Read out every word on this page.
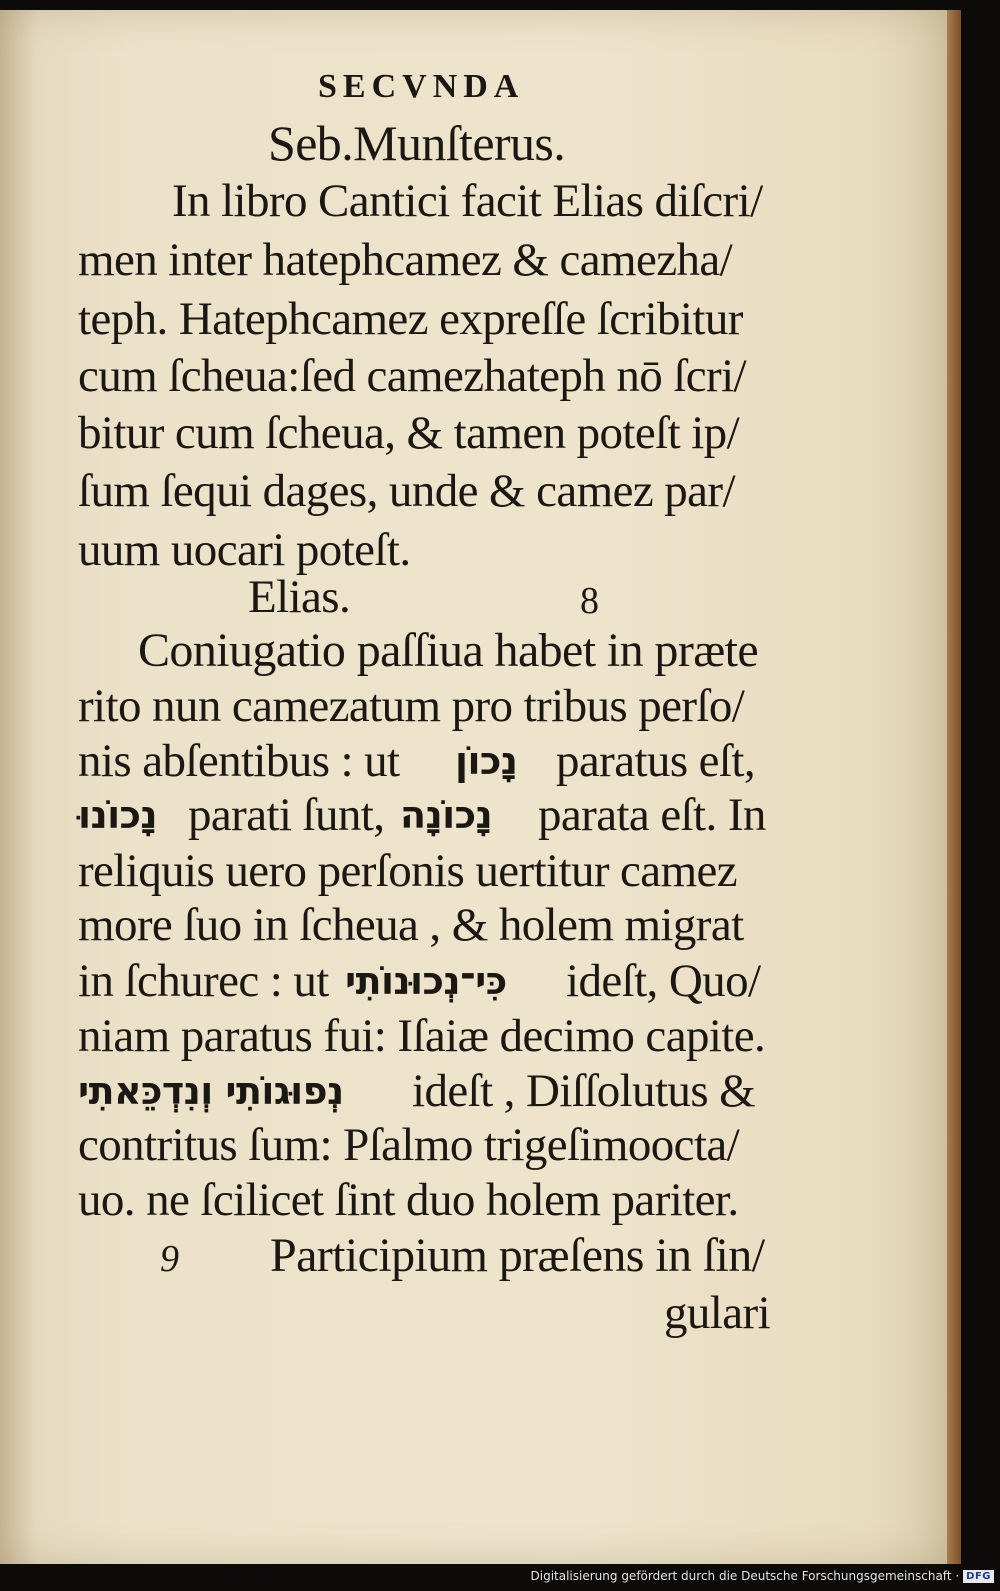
SECVNDA
Seb.Munſterus.
In libro Cantici facit Elias diſcri/
men inter hatephcamez & camezha/
teph. Hatephcamez expreſſe ſcribitur
cum ſcheua:ſed camezhateph nō ſcri/
bitur cum ſcheua, & tamen poteſt ip/
ſum ſequi dages, unde & camez par/
uum uocari poteſt.
Elias.	8
Coniugatio paſſiua habet in præte
rito nun camezatum pro tribus perſo/
nis abſentibus : ut נָכוֹן paratus eſt,
נָכוֹנוּ parati ſunt, נָכוֹנָה parata eſt. In
reliquis uero perſonis uertitur camez
more ſuo in ſcheua , & holem migrat
in ſchurec : ut כִּי־נְכוּנוֹתִי ideſt, Quo/
niam paratus fui: Iſaiæ decimo capite.
נְפוּגוֹתִי וְנִדְכֵּאתִי ideſt , Diſſolutus &
contritus ſum: Pſalmo trigeſimoocta/
uo. ne ſcilicet ſint duo holem pariter.
9 Participium præſens in ſin/
gulari
Digitalisierung gefördert durch die Deutsche Forschungsgemeinschaft · DFG
